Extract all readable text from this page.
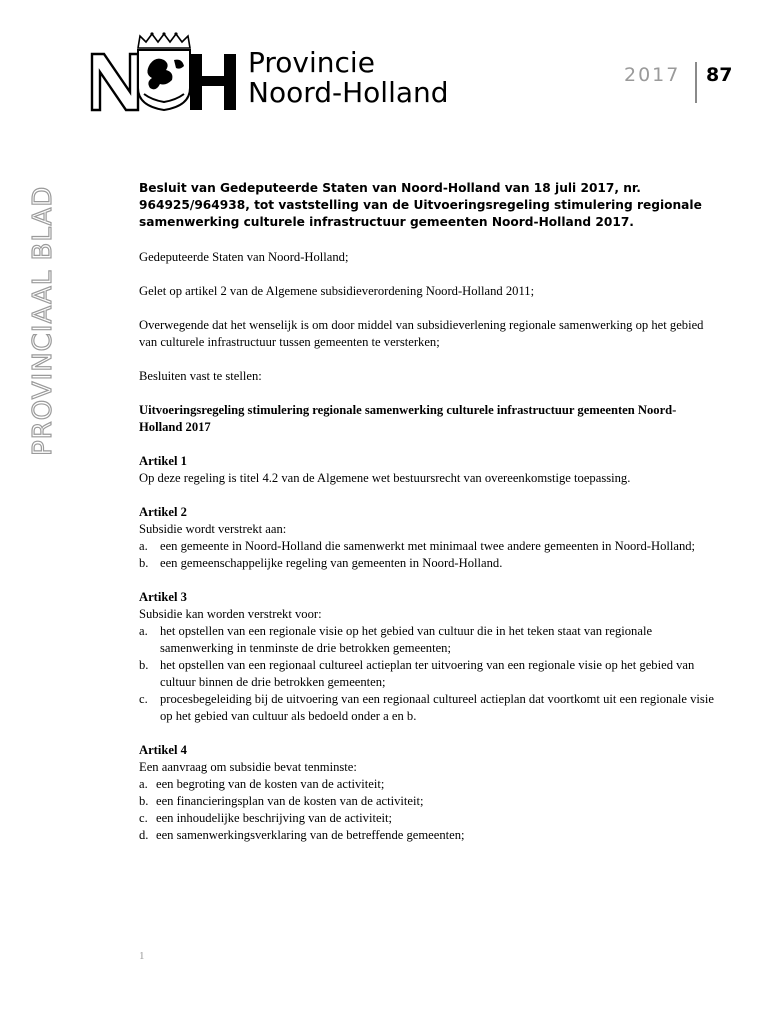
Provincie
Noord-Holland
2017 87
PROVINCIAAL BLAD	Besluit van Gedeputeerde Staten van Noord-Holland van 18 juli 2017, nr. 964925/964938, tot vaststelling van de Uitvoeringsregeling stimulering regionale samenwerking culturele infrastructuur gemeenten Noord-Holland 2017.

Gedeputeerde Staten van Noord-Holland;

Gelet op artikel 2 van de Algemene subsidieverordening Noord-Holland 2011;

Overwegende dat het wenselijk is om door middel van subsidieverlening regionale samenwerking op het gebied van culturele infrastructuur tussen gemeenten te versterken;

Besluiten vast te stellen:

Uitvoeringsregeling stimulering regionale samenwerking culturele infrastructuur gemeenten Noord-Holland 2017

Artikel 1
Op deze regeling is titel 4.2 van de Algemene wet bestuursrecht van overeenkomstige toepassing.
Artikel 2
Subsidie wordt verstrekt aan:
a. een gemeente in Noord-Holland die samenwerkt met minimaal twee andere gemeenten in Noord-Holland;
b. een gemeenschappelijke regeling van gemeenten in Noord-Holland.
Artikel 3
Subsidie kan worden verstrekt voor:
a. het opstellen van een regionale visie op het gebied van cultuur die in het teken staat van regionale samenwerking in tenminste de drie betrokken gemeenten;
b. het opstellen van een regionaal cultureel actieplan ter uitvoering van een regionale visie op het gebied van cultuur binnen de drie betrokken gemeenten;
c. procesbegeleiding bij de uitvoering van een regionaal cultureel actieplan dat voortkomt uit een regionale visie op het gebied van cultuur als bedoeld onder a en b.
Artikel 4
Een aanvraag om subsidie bevat tenminste:
a. een begroting van de kosten van de activiteit;
b. een financieringsplan van de kosten van de activiteit;
c. een inhoudelijke beschrijving van de activiteit;
d. een samenwerkingsverklaring van de betreffende gemeenten;
1
